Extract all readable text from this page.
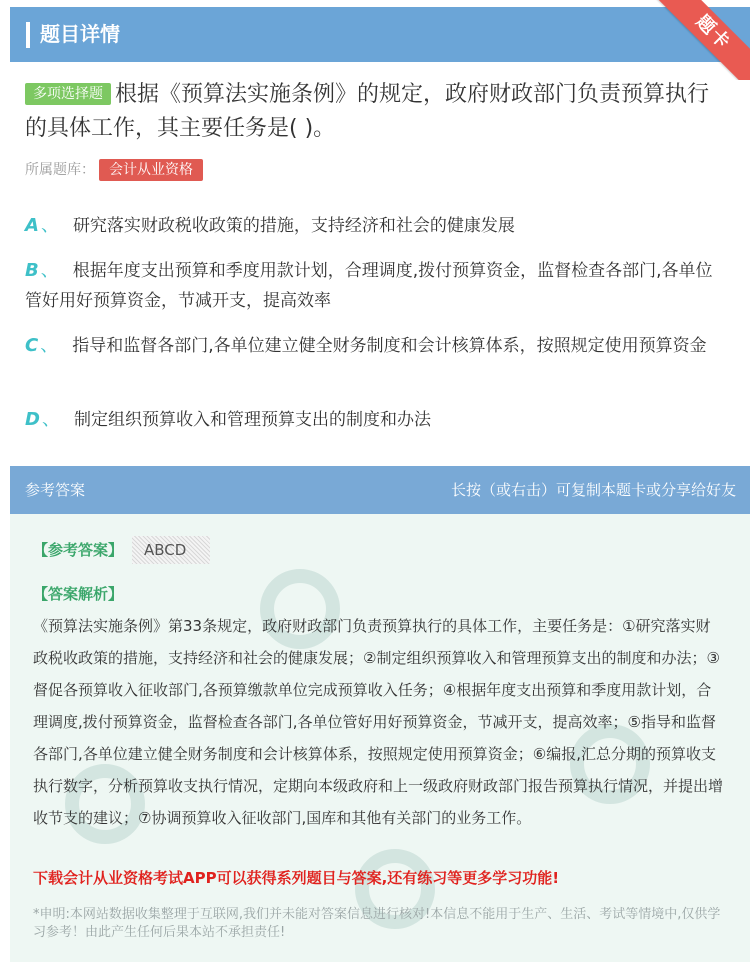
题目详情	题卡
多项选择题 根据《预算法实施条例》的规定，政府财政部门负责预算执行的具体工作，其主要任务是( )。
所属题库： 会计从业资格
A 、 研究落实财政税收政策的措施，支持经济和社会的健康发展
B 、 根据年度支出预算和季度用款计划，合理调度,拨付预算资金，监督检查各部门,各单位管好用好预算资金，节减开支，提高效率
C 、 指导和监督各部门,各单位建立健全财务制度和会计核算体系，按照规定使用预算资金
D 、 制定组织预算收入和管理预算支出的制度和办法
参考答案	长按（或右击）可复制本题卡或分享给好友
【参考答案】	ABCD
【答案解析】
《预算法实施条例》第33条规定，政府财政部门负责预算执行的具体工作，主要任务是：①研究落实财政税收政策的措施，支持经济和社会的健康发展；②制定组织预算收入和管理预算支出的制度和办法；③督促各预算收入征收部门,各预算缴款单位完成预算收入任务；④根据年度支出预算和季度用款计划，合理调度,拨付预算资金，监督检查各部门,各单位管好用好预算资金，节减开支，提高效率；⑤指导和监督各部门,各单位建立健全财务制度和会计核算体系，按照规定使用预算资金；⑥编报,汇总分期的预算收支执行数字，分析预算收支执行情况，定期向本级政府和上一级政府财政部门报告预算执行情况，并提出增收节支的建议；⑦协调预算收入征收部门,国库和其他有关部门的业务工作。
下载会计从业资格考试APP可以获得系列题目与答案,还有练习等更多学习功能!
*申明:本网站数据收集整理于互联网,我们并未能对答案信息进行核对!本信息不能用于生产、生活、考试等情境中,仅供学习参考！由此产生任何后果本站不承担责任!
